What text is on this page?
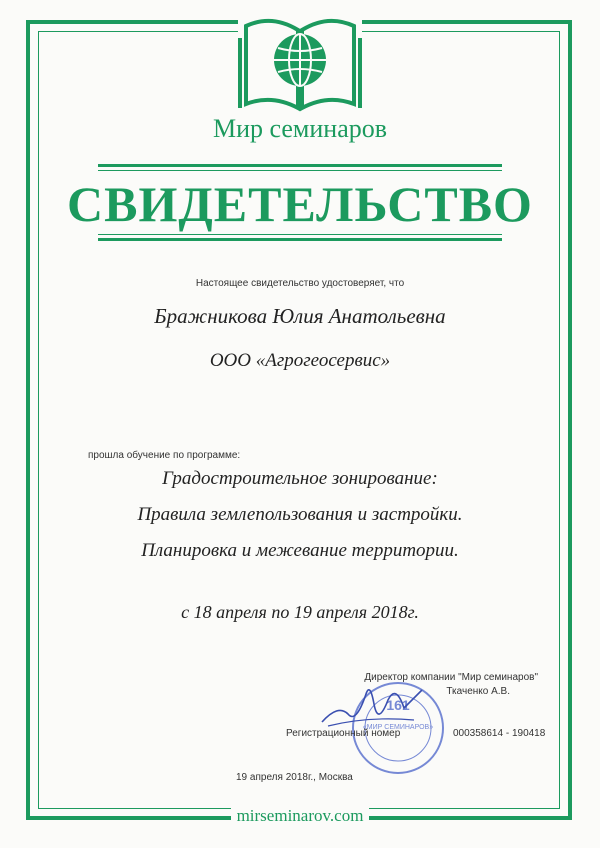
Мир семинаров
СВИДЕТЕЛЬСТВО
Настоящее свидетельство удостоверяет, что
Бражникова Юлия Анатольевна
ООО «Агрогеосервис»
прошла обучение по программе:
Градостроительное зонирование:
Правила землепользования и застройки.
Планировка и межевание территории.
с 18 апреля по 19 апреля 2018г.
Директор компании "Мир семинаров"
Ткаченко А.В.
161
«МИР СЕМИНАРОВ»
Регистрационный номер	000358614 - 190418
19 апреля 2018г., Москва
mirseminarov.com
